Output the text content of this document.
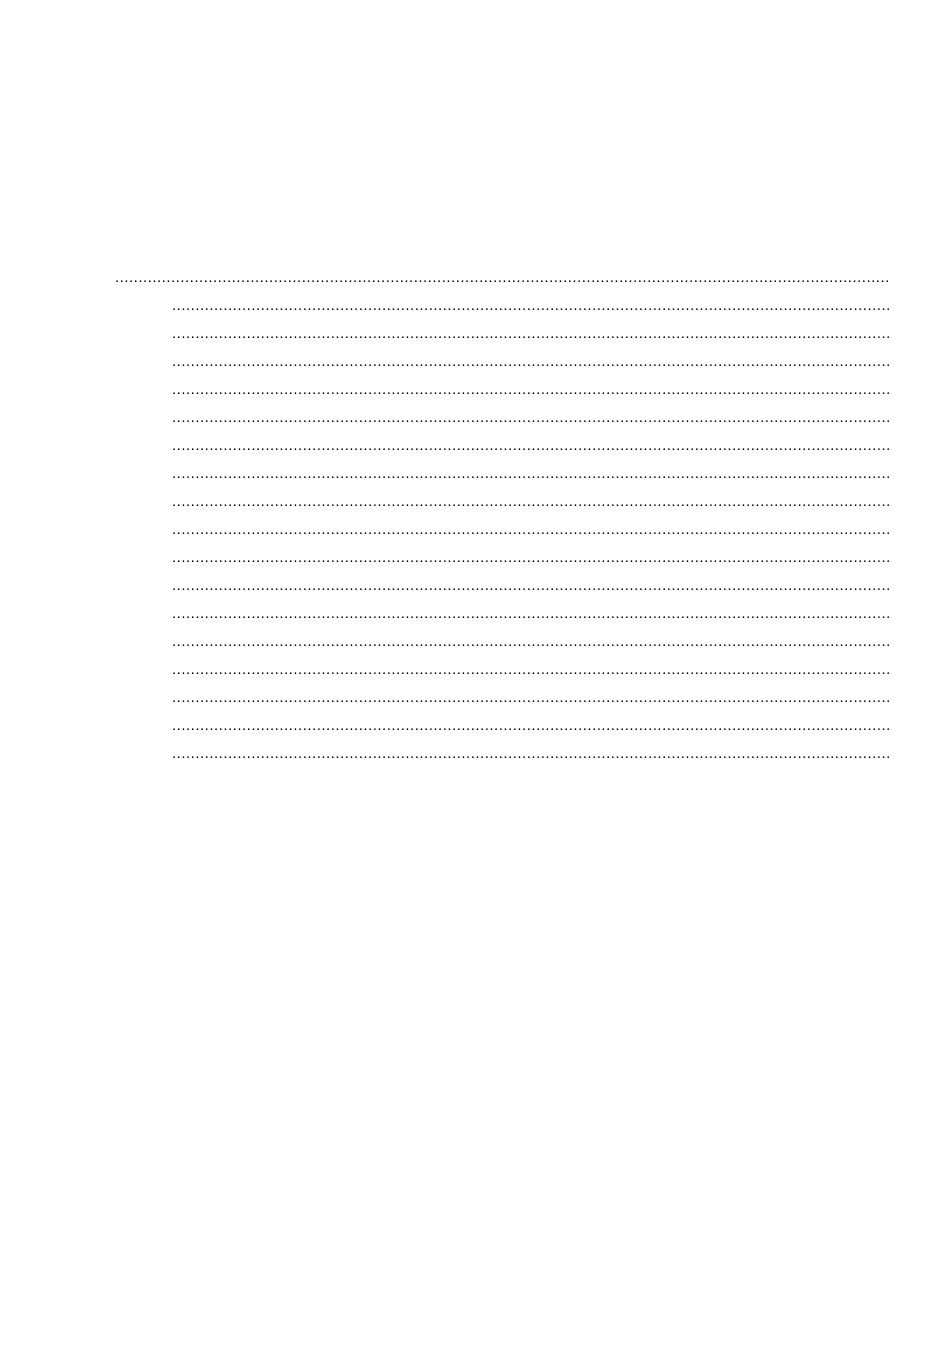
.....
.....
.....
.....
.....
.....
.....
.....
.....
.....
.....
.....
.....
.....
.....
.....
.....
.....
